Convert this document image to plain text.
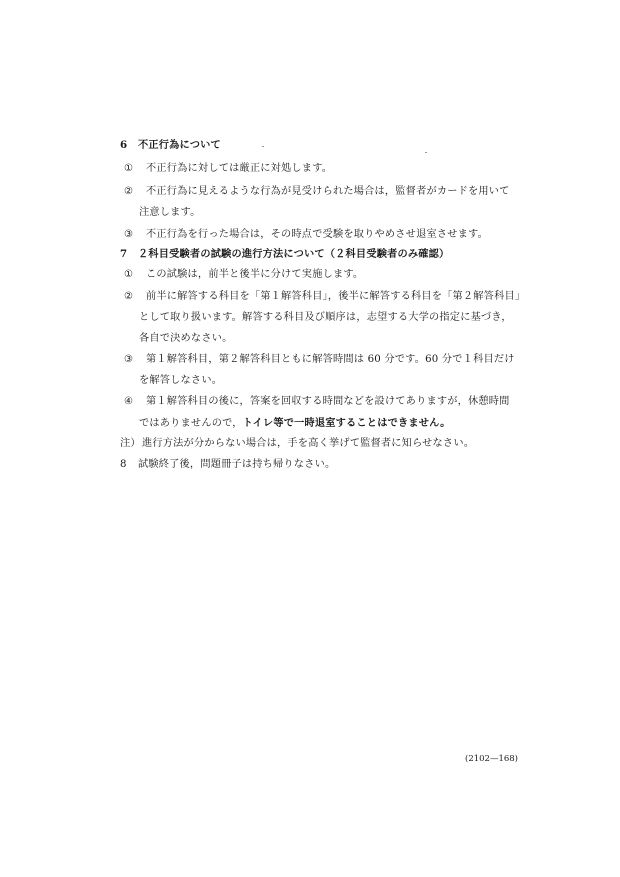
6 不正行為について
① 不正行為に対しては厳正に対処します。
② 不正行為に見えるような行為が見受けられた場合は，監督者がカードを用いて
注意します。
③ 不正行為を行った場合は，その時点で受験を取りやめさせ退室させます。
7 ２科目受験者の試験の進行方法について（２科目受験者のみ確認）
① この試験は，前半と後半に分けて実施します。
② 前半に解答する科目を「第１解答科目」，後半に解答する科目を「第２解答科目」
として取り扱います。解答する科目及び順序は，志望する大学の指定に基づき，
各自で決めなさい。
③ 第１解答科目，第２解答科目ともに解答時間は 60 分です。60 分で１科目だけ
を解答しなさい。
④ 第１解答科目の後に，答案を回収する時間などを設けてありますが，休憩時間
ではありませんので，トイレ等で一時退室することはできません。
注）進行方法が分からない場合は，手を高く挙げて監督者に知らせなさい。
8 試験終了後，問題冊子は持ち帰りなさい。
(2102—168)
